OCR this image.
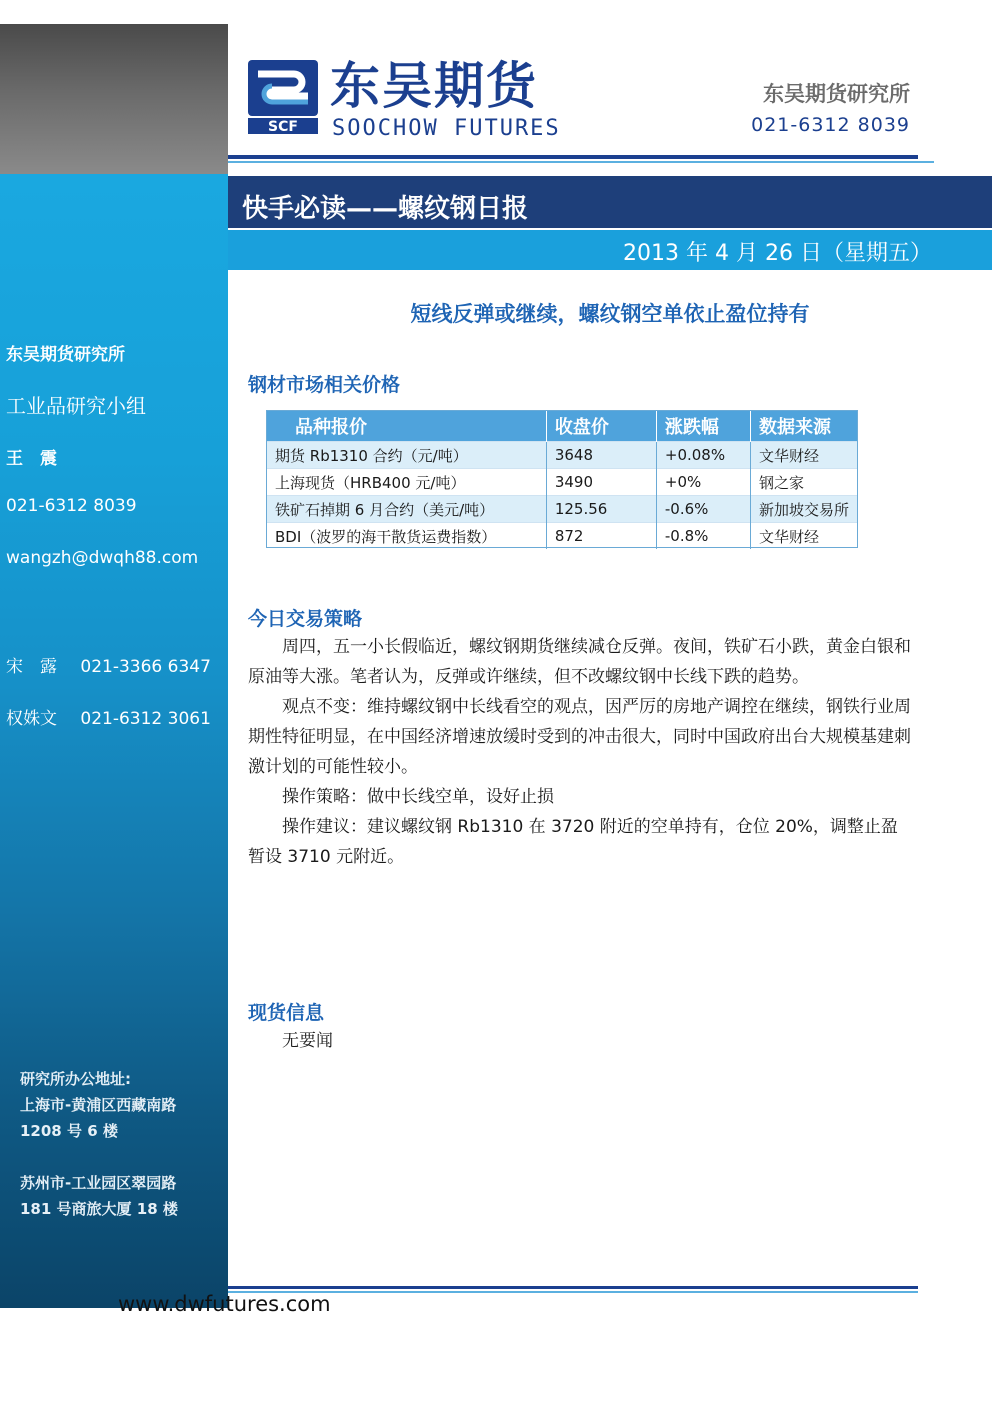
东吴期货研究所
工业品研究小组
王　震
021-6312 8039
wangzh@dwqh88.com
宋　露 021-3366 6347
权姝文 021-6312 3061
研究所办公地址:
上海市-黄浦区西藏南路
1208 号 6 楼
苏州市-工业园区翠园路
181 号商旅大厦 18 楼
SCF
东吴期货
SOOCHOW FUTURES
东吴期货研究所
021-6312 8039
快手必读——螺纹钢日报
2013 年 4 月 26 日（星期五）
短线反弹或继续，螺纹钢空单依止盈位持有
钢材市场相关价格
品种报价	收盘价	涨跌幅	数据来源
期货 Rb1310 合约（元/吨）	3648	+0.08%	文华财经
上海现货（HRB400 元/吨）	3490	+0%	钢之家
铁矿石掉期 6 月合约（美元/吨）	125.56	-0.6%	新加坡交易所
BDI（波罗的海干散货运费指数）	872	-0.8%	文华财经
今日交易策略
周四，五一小长假临近，螺纹钢期货继续减仓反弹。夜间，铁矿石小跌，黄金白银和原油等大涨。笔者认为，反弹或许继续，但不改螺纹钢中长线下跌的趋势。
观点不变：维持螺纹钢中长线看空的观点，因严厉的房地产调控在继续，钢铁行业周期性特征明显，在中国经济增速放缓时受到的冲击很大，同时中国政府出台大规模基建刺激计划的可能性较小。
操作策略：做中长线空单，设好止损
操作建议：建议螺纹钢 Rb1310 在 3720 附近的空单持有，仓位 20%，调整止盈暂设 3710 元附近。
现货信息
无要闻
www.dwfutures.com
